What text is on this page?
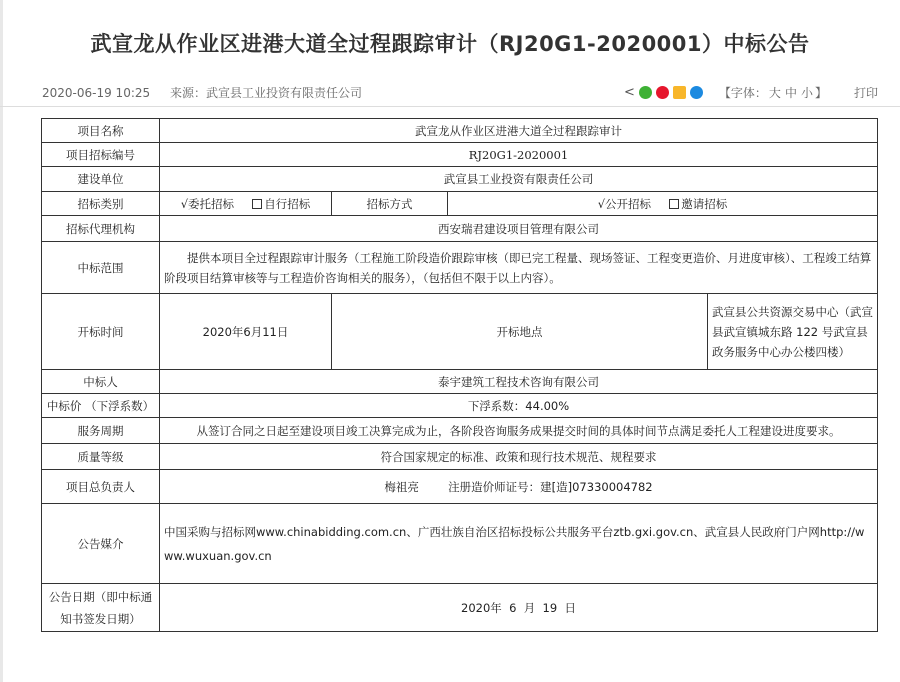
武宣龙从作业区进港大道全过程跟踪审计（RJ20G1-2020001）中标公告
2020-06-19 10:25 来源：武宣县工业投资有限责任公司	<	【字体： 大 中 小 】 打印
项目名称	武宣龙从作业区进港大道全过程跟踪审计			
项目招标编号	RJ20G1-2020001			
建设单位	武宣县工业投资有限责任公司			
招标类别	√委托招标 自行招标	招标方式	√公开招标 邀请招标	
招标代理机构	西安瑞君建设项目管理有限公司			
中标范围	提供本项目全过程跟踪审计服务（工程施工阶段造价跟踪审核（即已完工程量、现场签证、工程变更造价、月进度审核）、工程竣工结算阶段项目结算审核等与工程造价咨询相关的服务），（包括但不限于以上内容）。			
开标时间	2020年6月11日	开标地点		武宣县公共资源交易中心（武宣县武宣镇城东路 122 号武宣县政务服务中心办公楼四楼）
中标人	泰宇建筑工程技术咨询有限公司			
中标价 （下浮系数）	下浮系数：44.00%			
服务周期	从签订合同之日起至建设项目竣工决算完成为止，各阶段咨询服务成果提交时间的具体时间节点满足委托人工程建设进度要求。			
质量等级	符合国家规定的标准、政策和现行技术规范、规程要求			
项目总负责人	梅祖亮 注册造价师证号：建[造]07330004782			
公告媒介	中国采购与招标网www.chinabidding.com.cn、广西壮族自治区招标投标公共服务平台ztb.gxi.gov.cn、武宣县人民政府门户网http://www.wuxuan.gov.cn			
公告日期（即中标通知书签发日期）	2020年  6  月  19  日			
